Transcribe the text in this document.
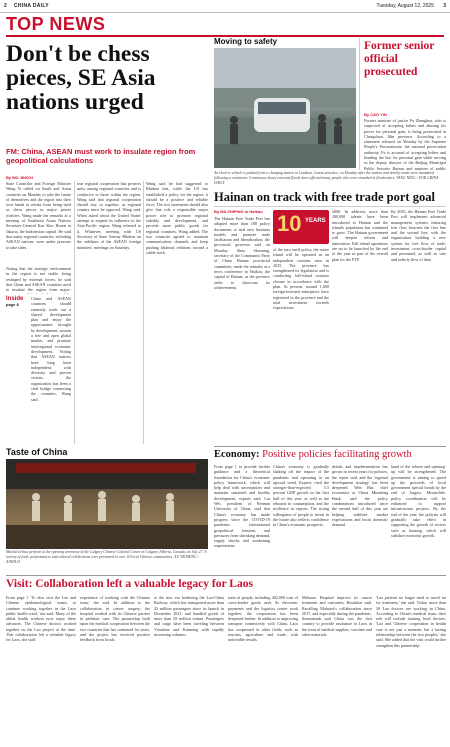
2 CHINA DAILY	Tuesday, August 12, 2025 3
TOP NEWS
Don't be chess pieces, SE Asia nations urged
FM: China, ASEAN must work to insulate region from geopolitical calculations
By MO JINGXI
State Councilor and Foreign Minister Wang Yi called on South and Asian countries on Monday to take the future of themselves and the region into their own hands to refrain from being used as chess pieces in major power rivalries. Wang made the remarks at a meeting of Southeast Asian Nations Secretary-General Kao Kim Hourn in Jakarta, the Indonesian capital. He said that many regional countries, including ASEAN nations, were under pressure to take sides.
Noting that the strategic environment in the region is not stable, being reshaped by external forces, he said that China and ASEAN countries need to insulate the region from major-
Inside
page 8
China and ASEAN countries should earnestly work out a shared development plan and enjoy the opportunities brought by development, sustain a free and open global market, and promote interregional economic development. Noting that ASEAN nations have long been independent, with diversity and proven visions, the organization has been a vital bridge connecting the countries, Wang said.
true regional cooperation that protects unity among regional countries and is conducive to those within the region. Wang said that regional cooperation should stay so together, as regional country must be opposed, Wang said. When asked about the United States' attempt to expand its influence in the Asia-Pacific region, Wang referred to it. Whatever, meeting with US Secretary of State Antony Blinken on the sidelines of the ASEAN foreign ministers' meetings on Saturday.
Wang said he had suggested to Blinken that, while the US has established a policy for the region, it should be a positive and reliable force. The two statements should also give that role a responsible major power role to promote regional stability and development, and provide more public goods for regional countries, Wang added. The two countries agreed to maintain communication channels and keep pushing bilateral relations toward a stable track.
Taste of China
Martial artists perform at the opening ceremony of the Calgary Chinese Cultural Centre in Calgary, Alberta, Canada, on July 27. A variety of food, performances and cultural celebrations were presented to over 30 local Chinese communities. XU YAOMING / XINHUA
Moving to safety
An electric vehicle is pushed from a charging station in Lanzhou, Gansu province, on Monday after the station and nearby roads were inundated following a rainstorm. Continuous heavy rain and floods have affected many people who were stranded in floodwaters. YANG NING / FOR CHINA DAILY
Hainan on track with free trade port goal
By MA ZHIPING in Haikou
The Hainan Free Trade Port has adopted more than 180 policy documents to trial new business models and promote trade facilitation and liberalization, the provincial governor said on Monday. Shao Shaoning, secretary of the Communist Party of China Hainan provincial committee, made the remarks at a news conference in Haikou, the capital of Hainan, as the province seeks to showcase its achievements.
10 YEARS
of the zero tariff policy, the entire island will be operated as an independent customs area in 2025. The province has strengthened its legislation and is conducting full-island customs closure in accordance with the plan. At present, around 1,600 foreign-invested enterprises have registered in the province and the total investment exceeds expectations.
2000. In addition, more than 200,000 talents have been introduced to Hainan and the island's population has continued to grow. The Hainan government will deepen reform and innovation. Full island operations are set to be launched by the end of the year as part of the overall plan for the FTP.
By 2035, the Hainan Free Trade Port will implement advanced management systems featuring free flow between the first line and the second line, with the organization building a new system for free flow of trade, investment, cross-border capital and personnel, as well as safe and orderly flow of data.
Former senior official prosecuted
By CAO YIN
Former minister of justice Fu Zhenghua, who is suspected of accepting bribes and abusing his power for personal gain, is being prosecuted in Changchun, Jilin province. According to a statement released on Monday by the Supreme People's Procuratorate, the national prosecution authority, Fu is accused of accepting bribes and bending the law for personal gain while serving as the deputy director of the Beijing Municipal Public Security Bureau and minister of public
Economy: Positive policies facilitating growth
From page 1 to provide further guidance and a theoretical foundation for China's economic policy framework, which will help deal with uncertainties and maintain sustained and healthy development, experts said. Liu Wei, president of Renmin University of China, said that China's economy has made progress since the COVID-19 pandemic, international geopolitical tensions and pressures from shrinking demand, supply shocks and weakening expectations.
China's economy is gradually shaking off the impact of the pandemic and operating in an upward trend. Experts cited the stronger-than-expected 5.5 percent GDP growth in the first half of this year, as well as the rebound in consumption, and the resilience in exports. The strong willingness of people to invest in the future also reflects confidence in China's economic prospects.
details and implementation has grown in recent years for policies, the report said, and the 'regional development strategy' has been deepened. Wen Bin, chief economist at China Minsheng Bank, said the policy combinations introduced since the second half of this year are helping stabilize market expectations and boost domestic demand.
hand of the reform and opening-up will be strengthened. The government is aiming to speed up the proceeds of local government special bonds by the end of August. Meanwhile, policy coordination will be enhanced to support infrastructure projects. By the end of the year, the policies will gradually take effect in supporting the growth of sectors such as housing, which will stabilize economic growth.
Visit: Collaboration left a valuable legacy for Laos
From page 1 'To also visit the Lao and Chinese epidemiological teams to continue working together in the Laos public health ward,' she said. Many of the ablest health workers now enjoy these advances. The Chinese doctors worked together on the Lao project at the time. That collaboration left a valuable legacy for Laos, she said.
experience of working with the Chinese team,' she said. In addition to the collaboration in cancer surgery, the hospital worked with its Chinese partner in pediatric care. The partnership built upon the medical cooperation between the two countries that has continued for years, and the project has received positive feedback from locals.
to the new era bordering the Lao-China Railway, which has transported more than 43 million passengers since its launch in December 2021, and handled goods of more than 58 million tonnes. Passengers and cargo have been traveling between Vientiane and Kunming with rapidly increasing volumes.
train of people, including 402,000 tons of cross-border goods cash. As electronic payments and the logistics center work together, the cooperation has been deepened further. In addition to improving transport connectivity with China, Laos has cooperated in other fields, such as tourism, agriculture and trade, with noticeable results.
Mahosot Hospital improve its cancer treatment and outcomes, Bouakhai said. Recalling Mahosot's collaboration since 2017, and especially during the pandemic, Somsanouk said China was the first country to provide assistance to Laos in the form of medical supplies, vaccines and other materials.
'Lao patients no longer need to travel far for treatment,' she said. Today, more than 30 Lao doctors are working in China. According to China's medical team, their role will include training local doctors. 'Lao and Chinese cooperation in health care is not just a moment, but a lasting relationship between the two peoples,' she said. She added that the visit could further strengthen this partnership.
